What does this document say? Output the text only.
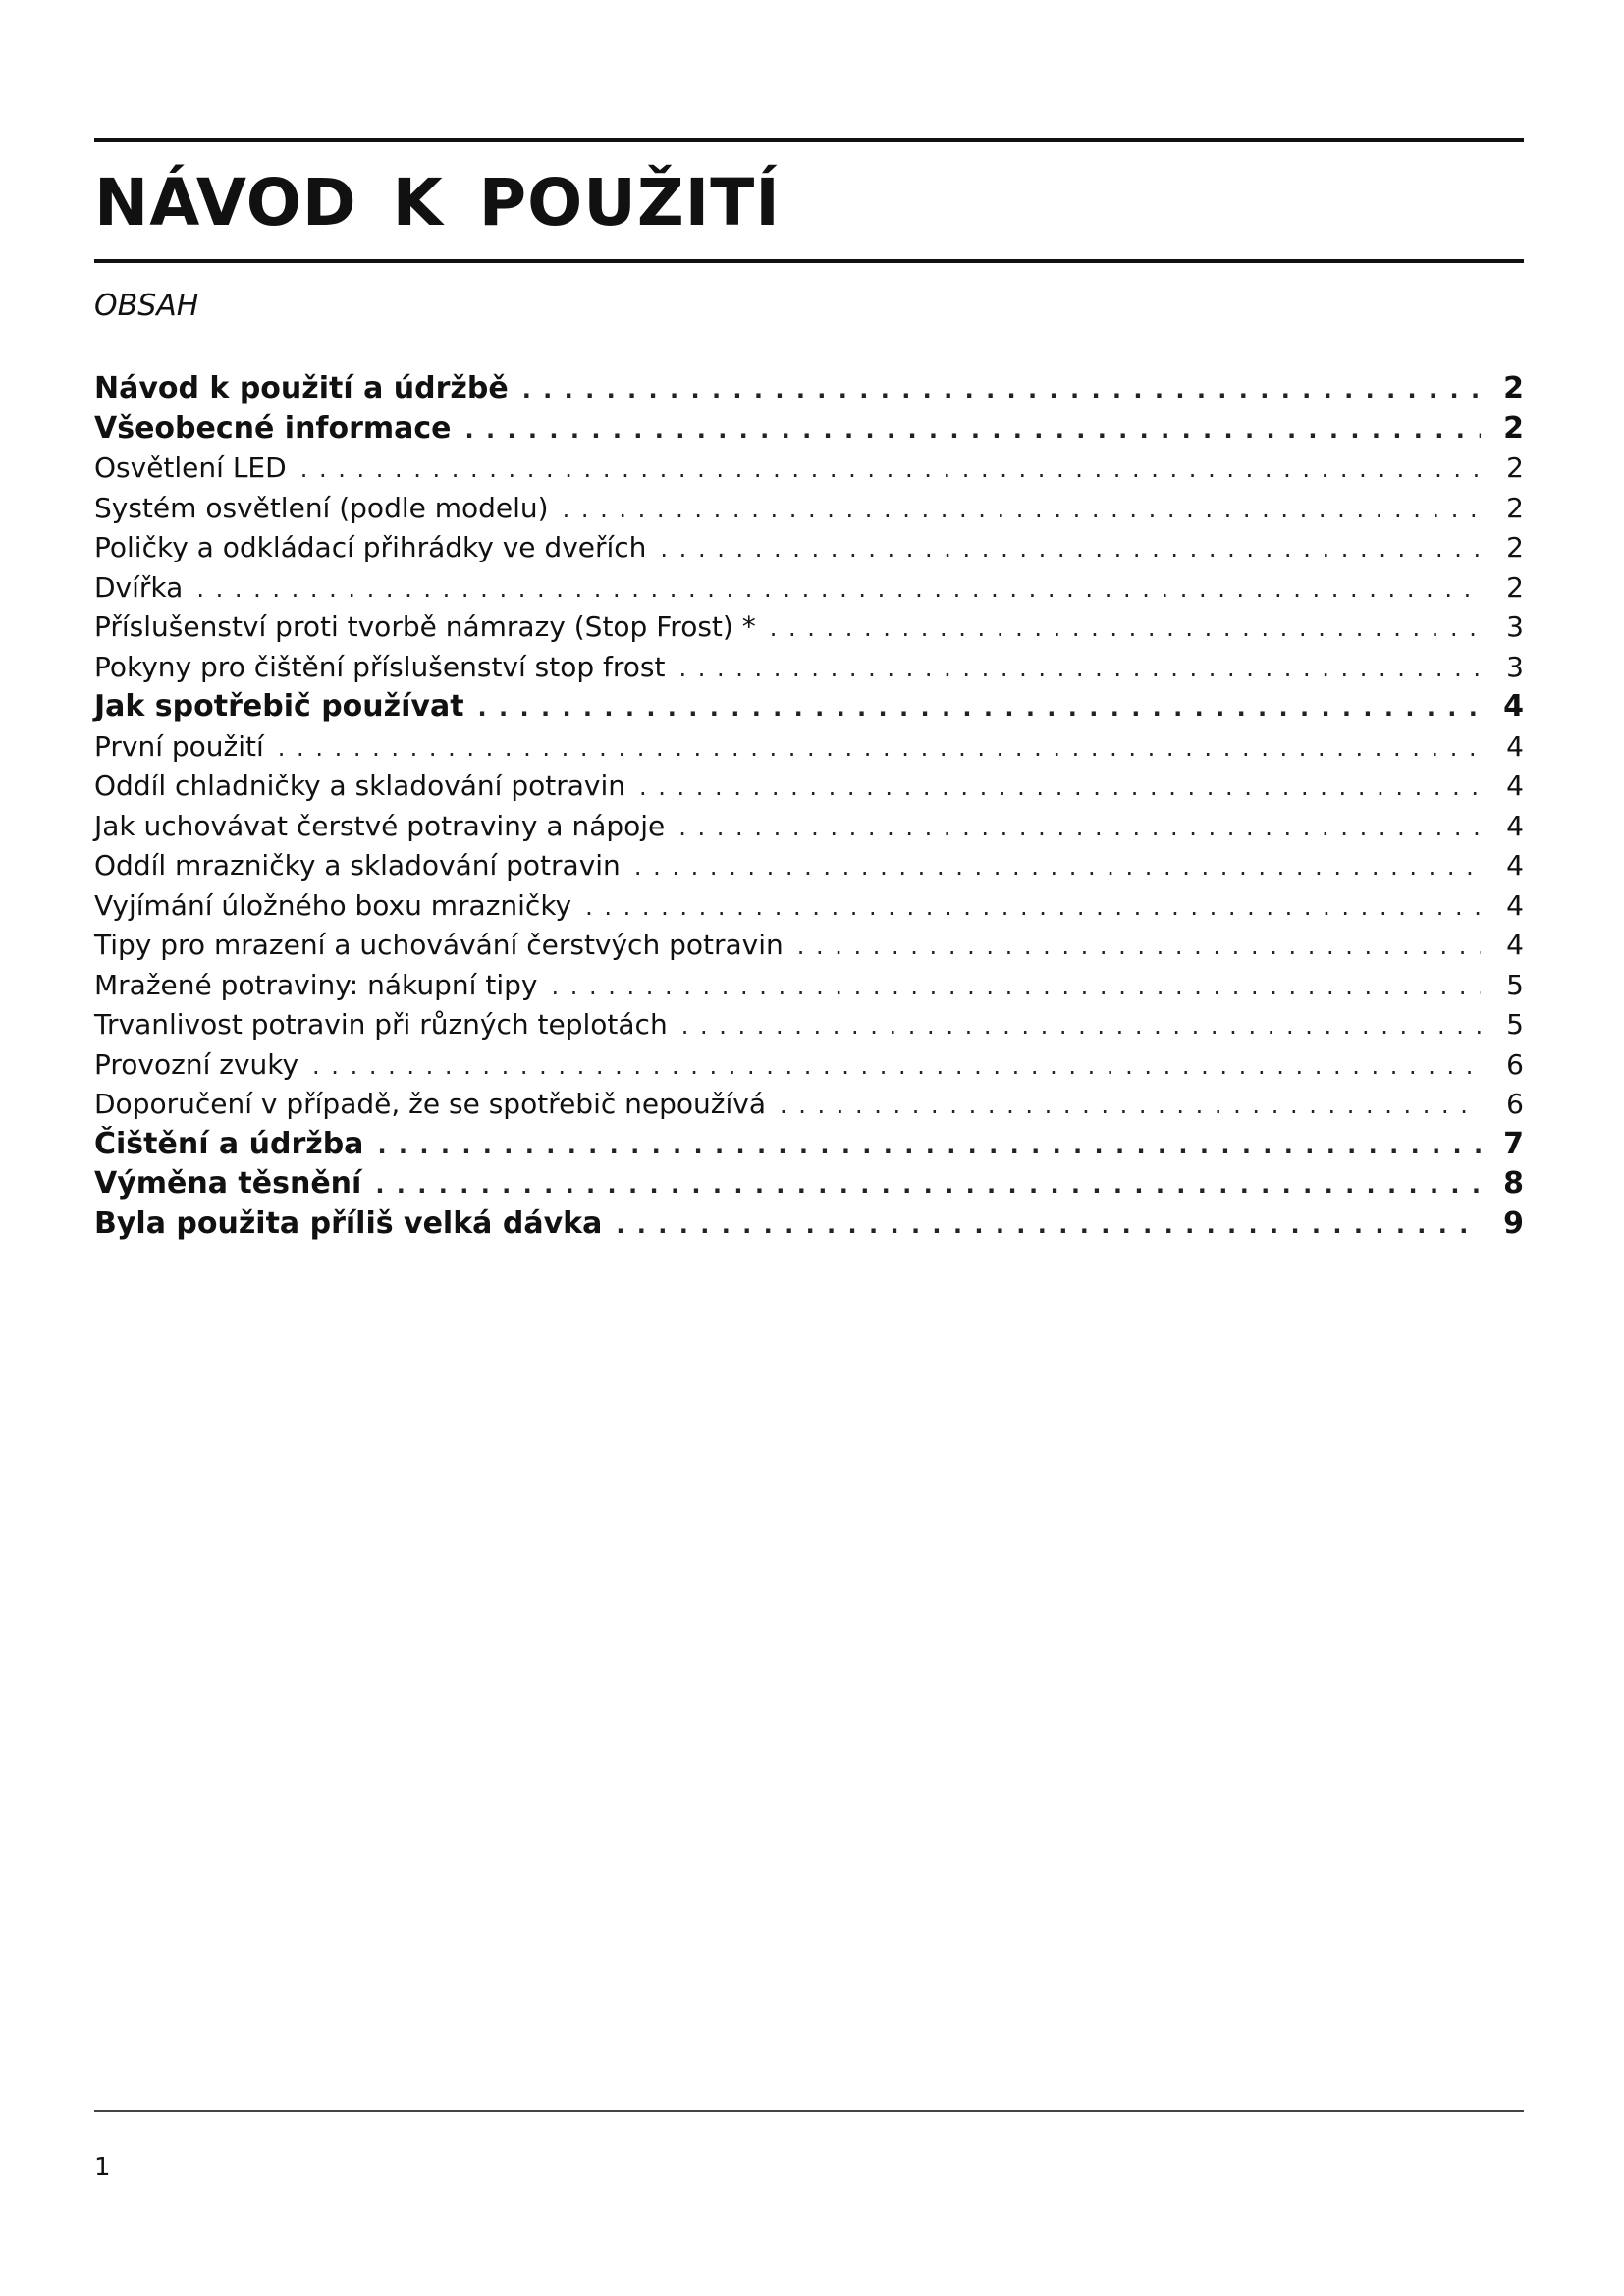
NÁVOD K POUŽITÍ
OBSAH
Návod k použití a údržbě . . .	2
Všeobecné informace . . .	2
Osvětlení LED . . .	2
Systém osvětlení (podle modelu) . . .	2
Poličky a odkládací přihrádky ve dveřích . . .	2
Dvířka . . .	2
Příslušenství proti tvorbě námrazy (Stop Frost) * . . .	3
Pokyny pro čištění příslušenství stop frost . . .	3
Jak spotřebič používat . . .	4
První použití . . .	4
Oddíl chladničky a skladování potravin . . .	4
Jak uchovávat čerstvé potraviny a nápoje . . .	4
Oddíl mrazničky a skladování potravin . . .	4
Vyjímání úložného boxu mrazničky . . .	4
Tipy pro mrazení a uchovávání čerstvých potravin . . .	4
Mražené potraviny: nákupní tipy . . .	5
Trvanlivost potravin při různých teplotách . . .	5
Provozní zvuky . . .	6
Doporučení v případě, že se spotřebič nepoužívá . . .	6
Čištění a údržba . . .	7
Výměna těsnění . . .	8
Byla použita příliš velká dávka . . .	9
1
